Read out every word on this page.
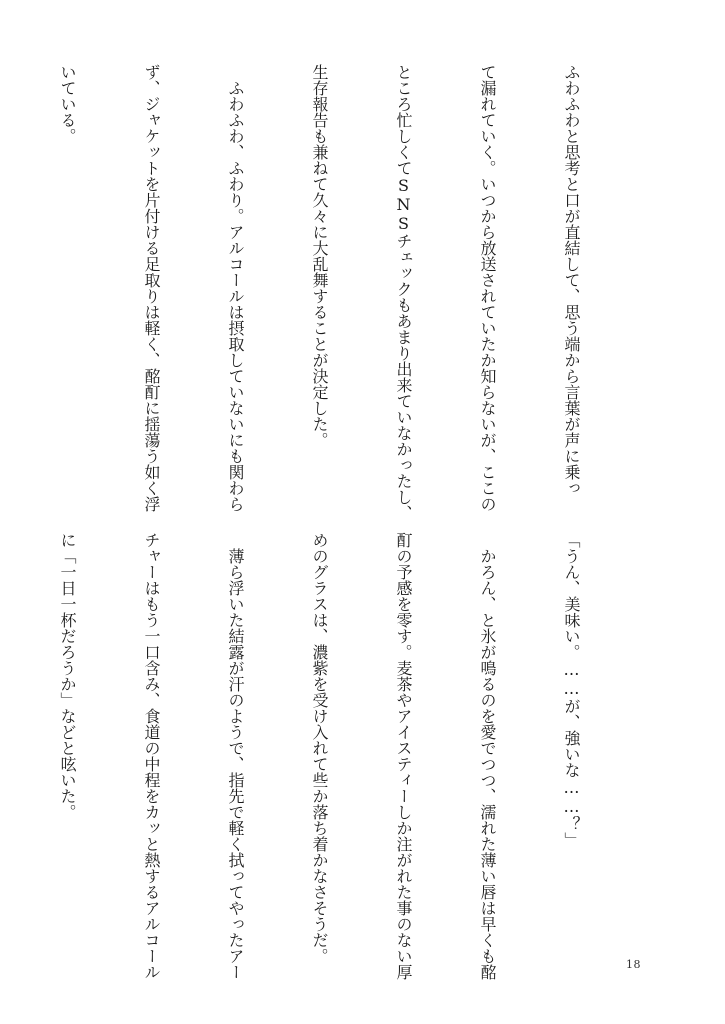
ふわふわと思考と口が直結して、思う端から言葉が声に乗っ

て漏れていく。いつから放送されていたか知らないが、ここの

ところ忙しくてSNSチェックもあまり出来ていなかったし、

生存報告も兼ねて久々に大乱舞することが決定した。

　ふわふわ、ふわり。アルコールは摂取していないにも関わら

ず、ジャケットを片付ける足取りは軽く、酩酊に揺蕩う如く浮

いている。

「うん、美味い。……が、強いな……？」

　かろん、と氷が鳴るのを愛でつつ、濡れた薄い唇は早くも酩

酊の予感を零す。麦茶やアイスティーしか注がれた事のない厚

めのグラスは、濃紫を受け入れて些か落ち着かなさそうだ。

　薄ら浮いた結露が汗のようで、指先で軽く拭ってやったアー

チャーはもう一口含み、食道の中程をカッと熱するアルコール

に「一日一杯だろうか」などと呟いた。

18
